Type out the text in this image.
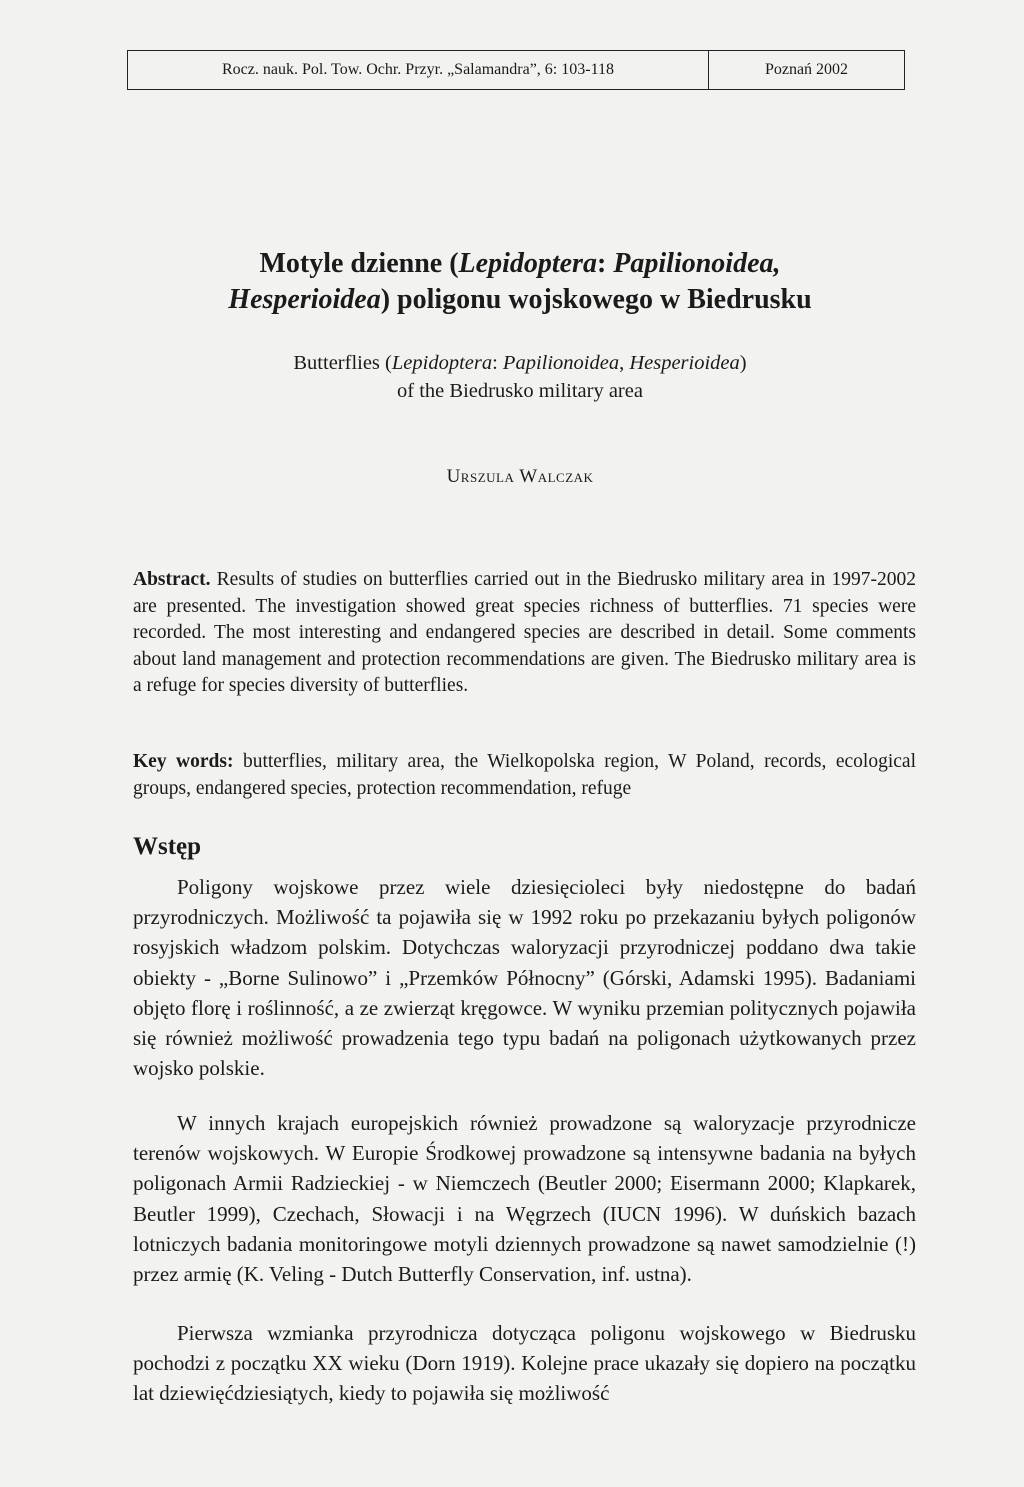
Rocz. nauk. Pol. Tow. Ochr. Przyr. „Salamandra”, 6: 103-118	Poznań 2002
Motyle dzienne (Lepidoptera: Papilionoidea,
Hesperioidea) poligonu wojskowego w Biedrusku
Butterflies (Lepidoptera: Papilionoidea, Hesperioidea)
of the Biedrusko military area
Urszula Walczak
Abstract. Results of studies on butterflies carried out in the Biedrusko military area in 1997-2002 are presented. The investigation showed great species richness of butterflies. 71 species were recorded. The most interesting and endangered species are described in detail. Some comments about land management and protection recommendations are given. The Biedrusko military area is a refuge for species diversity of butterflies.
Key words: butterflies, military area, the Wielkopolska region, W Poland, records, ecological groups, endangered species, protection recommendation, refuge
Wstęp
Poligony wojskowe przez wiele dziesięcioleci były niedostępne do badań przyrodniczych. Możliwość ta pojawiła się w 1992 roku po przekazaniu byłych poligonów rosyjskich władzom polskim. Dotychczas waloryzacji przyrodniczej poddano dwa takie obiekty - „Borne Sulinowo” i „Przemków Północny” (Górski, Adamski 1995). Badaniami objęto florę i roślinność, a ze zwierząt kręgowce. W wyniku przemian politycznych pojawiła się również możliwość prowadzenia tego typu badań na poligonach użytkowanych przez wojsko polskie.
W innych krajach europejskich również prowadzone są waloryzacje przyrodnicze terenów wojskowych. W Europie Środkowej prowadzone są intensywne badania na byłych poligonach Armii Radzieckiej - w Niemczech (Beutler 2000; Eisermann 2000; Klapkarek, Beutler 1999), Czechach, Słowacji i na Węgrzech (IUCN 1996). W duńskich bazach lotniczych badania monitoringowe motyli dziennych prowadzone są nawet samodzielnie (!) przez armię (K. Veling - Dutch Butterfly Conservation, inf. ustna).
Pierwsza wzmianka przyrodnicza dotycząca poligonu wojskowego w Biedrusku pochodzi z początku XX wieku (Dorn 1919). Kolejne prace ukazały się dopiero na początku lat dziewięćdziesiątych, kiedy to pojawiła się możliwość
